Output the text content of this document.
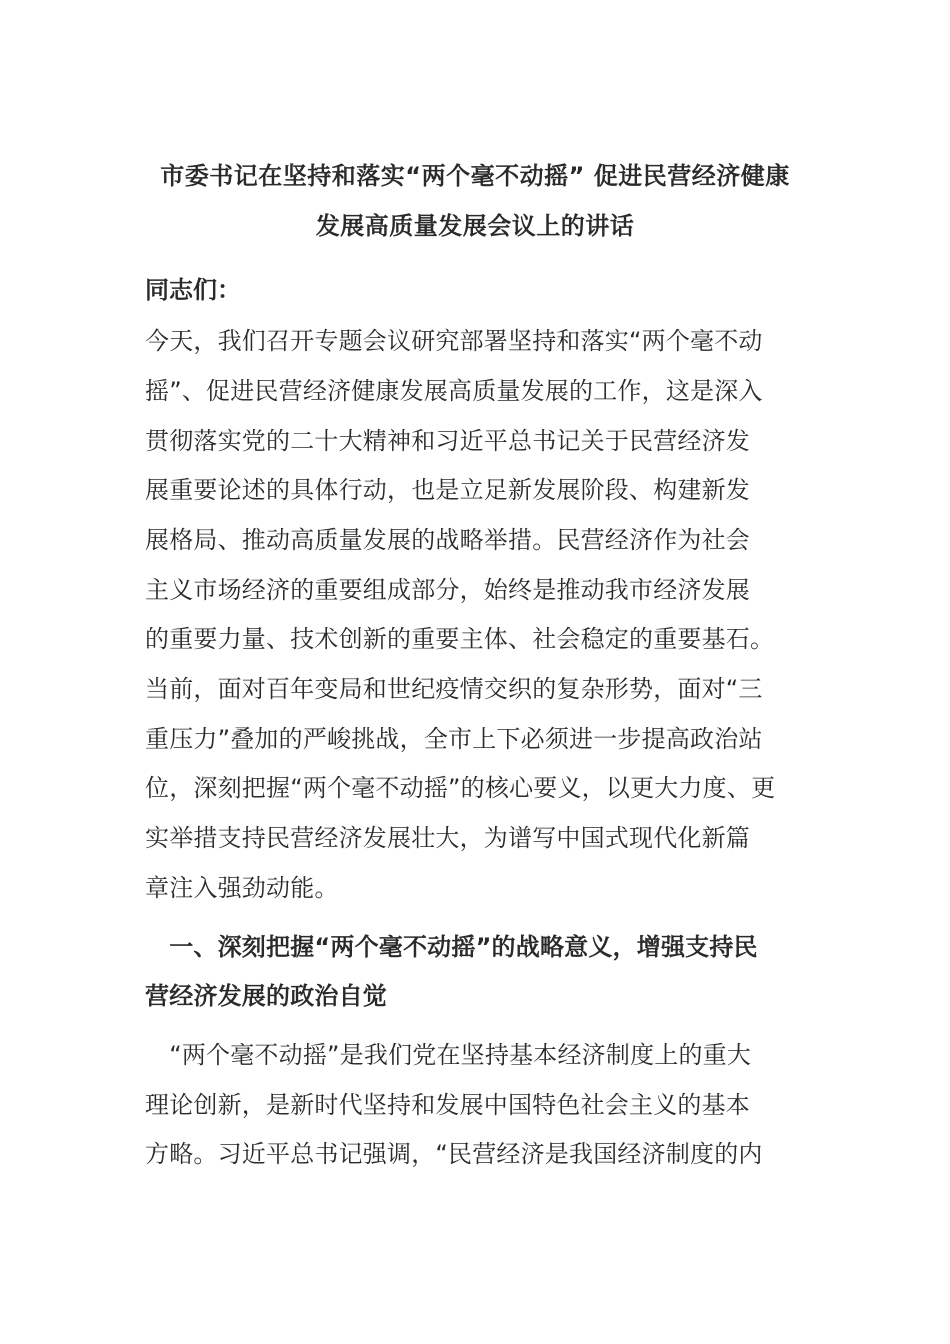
市委书记在坚持和落实“两个毫不动摇” 促进民营经济健康
发展高质量发展会议上的讲话
同志们：
今天，我们召开专题会议研究部署坚持和落实“两个毫不动
摇”、促进民营经济健康发展高质量发展的工作，这是深入
贯彻落实党的二十大精神和习近平总书记关于民营经济发
展重要论述的具体行动，也是立足新发展阶段、构建新发
展格局、推动高质量发展的战略举措。民营经济作为社会
主义市场经济的重要组成部分，始终是推动我市经济发展
的重要力量、技术创新的重要主体、社会稳定的重要基石。
当前，面对百年变局和世纪疫情交织的复杂形势，面对“三
重压力”叠加的严峻挑战，全市上下必须进一步提高政治站
位，深刻把握“两个毫不动摇”的核心要义，以更大力度、更
实举措支持民营经济发展壮大，为谱写中国式现代化新篇
章注入强劲动能。
　一、深刻把握“两个毫不动摇”的战略意义，增强支持民
营经济发展的政治自觉
　“两个毫不动摇”是我们党在坚持基本经济制度上的重大
理论创新，是新时代坚持和发展中国特色社会主义的基本
方略。习近平总书记强调，“民营经济是我国经济制度的内
